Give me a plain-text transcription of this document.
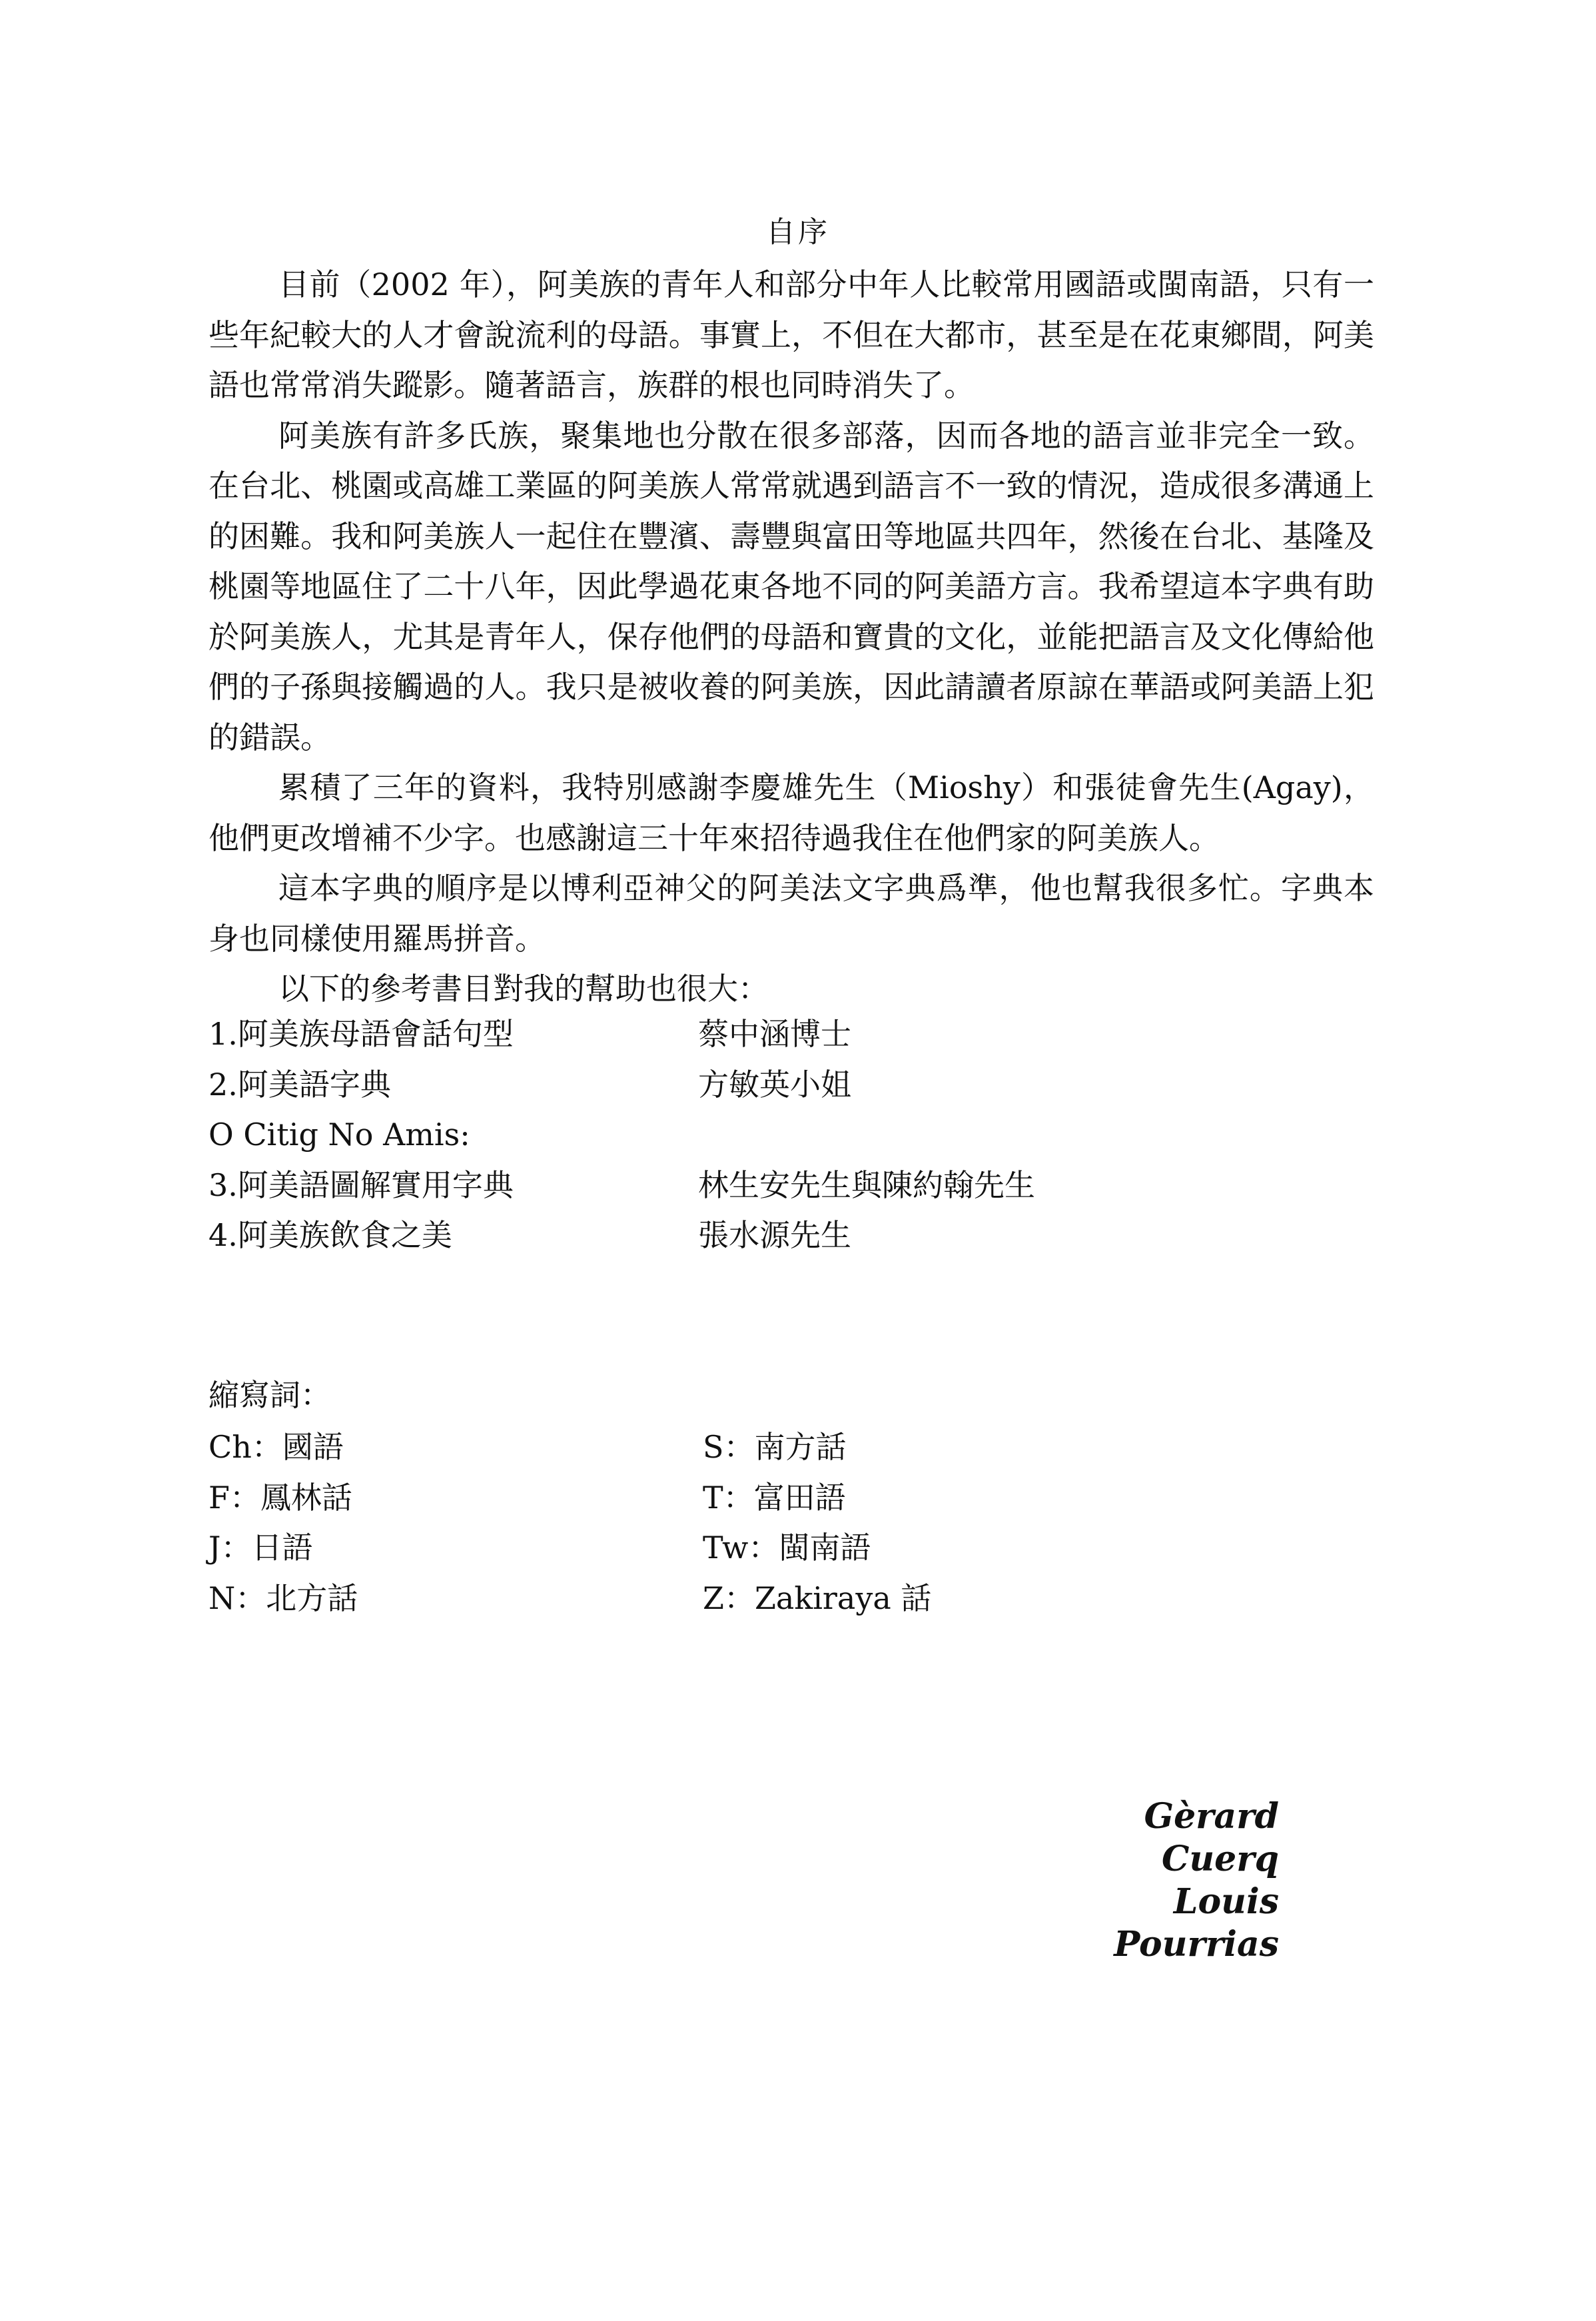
自序

目前（2002 年），阿美族的青年人和部分中年人比較常用國語或閩南語，只有一些年紀較大的人才會說流利的母語。事實上，不但在大都市，甚至是在花東鄉間，阿美語也常常消失蹤影。隨著語言，族群的根也同時消失了。

阿美族有許多氏族，聚集地也分散在很多部落，因而各地的語言並非完全一致。在台北、桃園或高雄工業區的阿美族人常常就遇到語言不一致的情況，造成很多溝通上的困難。我和阿美族人一起住在豐濱、壽豐與富田等地區共四年，然後在台北、基隆及桃園等地區住了二十八年，因此學過花東各地不同的阿美語方言。我希望這本字典有助於阿美族人，尤其是青年人，保存他們的母語和寶貴的文化，並能把語言及文化傳給他們的子孫與接觸過的人。我只是被收養的阿美族，因此請讀者原諒在華語或阿美語上犯的錯誤。

累積了三年的資料，我特別感謝李慶雄先生（Mioshy）和張徒會先生(Agay)，他們更改增補不少字。也感謝這三十年來招待過我住在他們家的阿美族人。

這本字典的順序是以博利亞神父的阿美法文字典爲準，他也幫我很多忙。字典本身也同樣使用羅馬拼音。

以下的參考書目對我的幫助也很大：

1.阿美族母語會話句型	蔡中涵博士
2.阿美語字典	方敏英小姐
O Citig No Amis:
3.阿美語圖解實用字典	林生安先生與陳約翰先生
4.阿美族飲食之美	張水源先生
縮寫詞：
Ch：國語	S：南方話
F：鳳林話	T：富田語
J：日語	Tw：閩南語
N：北方話	Z：Zakiraya 話
Gèrard Cuerq
Louis Pourrias
